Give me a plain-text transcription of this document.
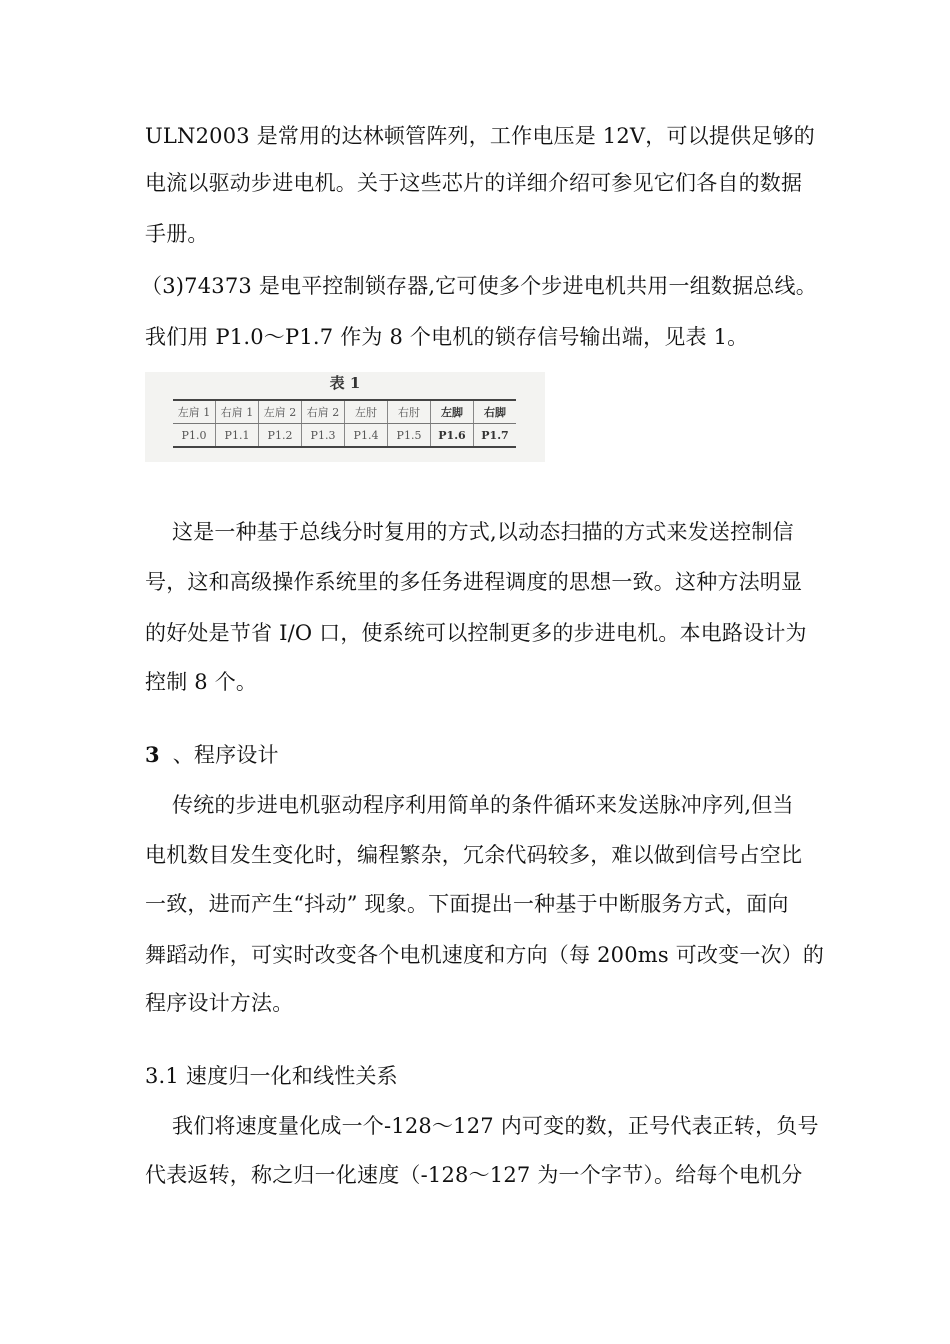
ULN2003 是常用的达林顿管阵列，工作电压是 12V，可以提供足够的
电流以驱动步进电机。关于这些芯片的详细介绍可参见它们各自的数据
手册。
（3)74373 是电平控制锁存器,它可使多个步进电机共用一组数据总线。
我们用 P1.0～P1.7 作为 8 个电机的锁存信号输出端，见表 1。
表 1
左肩 1	右肩 1	左肩 2	右肩 2	左肘	右肘	左脚	右脚
P1.0	P1.1	P1.2	P1.3	P1.4	P1.5	P1.6	P1.7
这是一种基于总线分时复用的方式,以动态扫描的方式来发送控制信
号，这和高级操作系统里的多任务进程调度的思想一致。这种方法明显
的好处是节省 I/O 口，使系统可以控制更多的步进电机。本电路设计为
控制 8 个。
3 、程序设计
传统的步进电机驱动程序利用简单的条件循环来发送脉冲序列,但当
电机数目发生变化时，编程繁杂，冗余代码较多，难以做到信号占空比
一致，进而产生“抖动” 现象。下面提出一种基于中断服务方式，面向
舞蹈动作，可实时改变各个电机速度和方向（每 200ms 可改变一次）的
程序设计方法。
3.1 速度归一化和线性关系
我们将速度量化成一个-128～127 内可变的数，正号代表正转，负号
代表返转，称之归一化速度（-128～127 为一个字节）。给每个电机分
